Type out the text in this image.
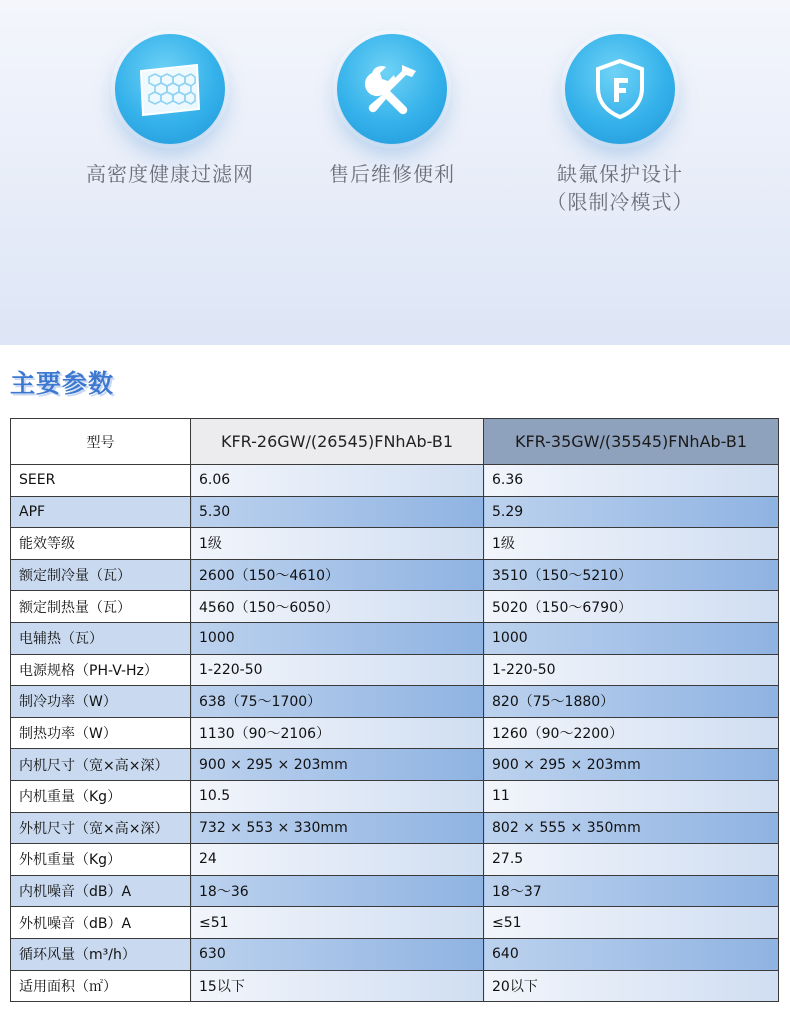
高密度健康过滤网	售后维修便利	缺氟保护设计
（限制冷模式）
主要参数
型号	KFR-26GW/(26545)FNhAb-B1	KFR-35GW/(35545)FNhAb-B1
SEER	6.06	6.36
APF	5.30	5.29
能效等级	1级	1级
额定制冷量（瓦）	2600（150～4610）	3510（150～5210）
额定制热量（瓦）	4560（150～6050）	5020（150～6790）
电辅热（瓦）	1000	1000
电源规格（PH-V-Hz）	1-220-50	1-220-50
制冷功率（W）	638（75～1700）	820（75～1880）
制热功率（W）	1130（90～2106）	1260（90～2200）
内机尺寸（宽×高×深）	900 × 295 × 203mm	900 × 295 × 203mm
内机重量（Kg）	10.5	11
外机尺寸（宽×高×深）	732 × 553 × 330mm	802 × 555 × 350mm
外机重量（Kg）	24	27.5
内机噪音（dB）A	18～36	18～37
外机噪音（dB）A	≤51	≤51
循环风量（m³/h）	630	640
适用面积（㎡）	15以下	20以下
